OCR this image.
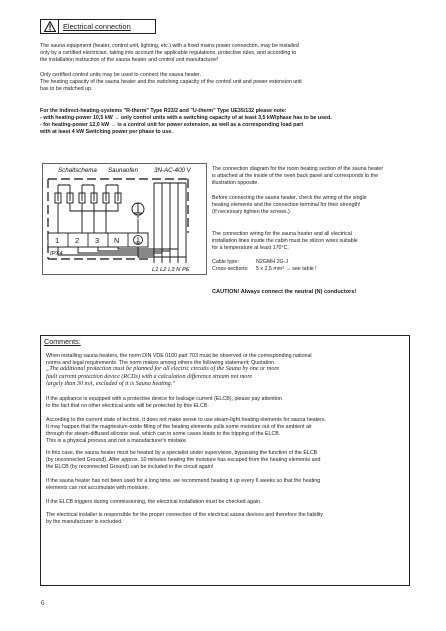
Electrical connection

The sauna equipment (heater, control unit, lighting, etc.) with a fixed mains power connection, may be installed

only by a certified electrician, taking into account the applicable regulations, protective rules, and according to

the installation instruction of the sauna heater and control unit manufacturer!

Only certified control units may be used to connect the sauna heater.

The heating capacity of the sauna heater and the switching capacity of the control unit and power extension unit

has to be matched up.

For the Indirect-heating-systems "R-therm" Type R33/2 and "U-therm" Type UE35/132 please note:

- with heating-power 10,5 kW → only control units with a switching capacity of at least 3,5 kW/phase has to be used.

- for heating-power 12,0 kW → is a control unit for power extension, as well as a corresponding load part

with at least 4 kW Switching power per phase to use.

Schaltschema Saunaofen	3N-AC-400 V
1 2 3 N
IPX4
L1 L2 L3 N PE

The connection diagram for the room heating section of the sauna heater

is attached at the inside of the oven back panel and corresponds to the

illustration opposite.

Before connecting the sauna heater, check the wiring of the single

heating elements and the connection terminal for their strength!

(If necessary tighten the screws.)

The connection wiring for the sauna heater and all electrical

installation lines inside the cabin must be silicon wires suitable

for a temperature at least 170°C.

Cable type:	N2GMH 2G-J
Cross-sections:	5 x 2,5 mm² → see table !
CAUTION! Always connect the neutral (N) conductors!
Comments:

When installing sauna heaters, the norm DIN VDE 0100 part 703 must be observed or the corresponding national

norms and legal requirements. The norm makes among others the following statement; Quotation.

„The additional protection must be planned for all electric circuits of the Sauna by one or more

fault current protection device (RCDs) with a calculation difference stream not more

largely than 30 mA, excluded of it is Sauna heating.“

If the appliance is equipped with a protective device for leakage current (ELCB), please pay attention

to the fact that no other electrical units will be protected by this ELCB.

According to the current state of technic, it does not make sense to use steam-light heating elements for sauna heaters.

It may happen that the magnesium-oxide filling of the heating elements pulls some moisture out of the ambient air

through the steam-diffused silicone seal, which can in some cases leads to the tripping of the ELCB.

This is a physical process and not a manufacturer's mistake.

In this case, the sauna heater must be heated by a specialist under supervision, bypassing the function of the ELCB

(by unconnected Ground). After approx. 10 minutes heating the moisture has escaped from the heating elements and

the ELCB (by reconnected Ground) can be included in the circuit again!

If the sauna heater has not been used for a long time, we recommend heating it up every 6 weeks so that the heating

elements can not accumulate with moisture.

If the ELCB triggers during commissioning, the electrical installation must be checked again.

The electrical installer is responsible for the proper connection of the electrical sauna devices and therefore the liability

by the manufacturer is excluded.

6
